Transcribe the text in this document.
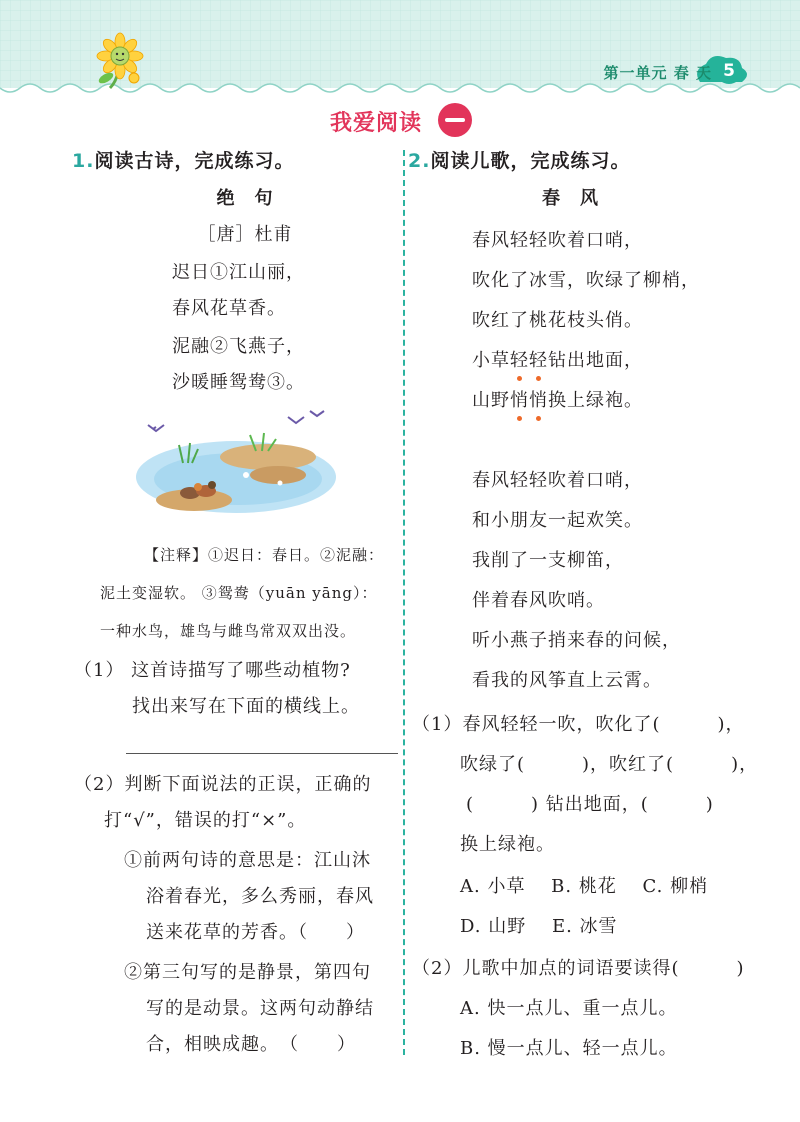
第一单元 春 天 5
我爱阅读
1.阅读古诗，完成练习。
绝　句
［唐］杜甫
迟日①江山丽，
春风花草香。
泥融②飞燕子，
沙暖睡鸳鸯③。
【注释】①迟日：春日。②泥融：
泥土变湿软。 ③鸳鸯（yuān yāng）：
一种水鸟，雄鸟与雌鸟常双双出没。
（1） 这首诗描写了哪些动植物?
找出来写在下面的横线上。
（2）判断下面说法的正误，正确的
打“√”，错误的打“×”。
①前两句诗的意思是：江山沐
浴着春光，多么秀丽，春风
送来花草的芳香。（　　）
②第三句写的是静景，第四句
写的是动景。这两句动静结
合，相映成趣。　（　　）
2.阅读儿歌，完成练习。
春　风
春风轻轻吹着口哨，
吹化了冰雪，吹绿了柳梢，
吹红了桃花枝头俏。
小草轻轻钻出地面，
山野悄悄换上绿袍。
春风轻轻吹着口哨，
和小朋友一起欢笑。
我削了一支柳笛，
伴着春风吹哨。
听小燕子捎来春的问候，
看我的风筝直上云霄。
（1）春风轻轻一吹，吹化了(　　　)，
吹绿了(　　　)，吹红了(　　　)，
(　　　) 钻出地面，(　　　)
换上绿袍。
A. 小草　 B. 桃花　 C. 柳梢
D. 山野　 E. 冰雪
（2）儿歌中加点的词语要读得(　　　)
A. 快一点儿、重一点儿。
B. 慢一点儿、轻一点儿。
